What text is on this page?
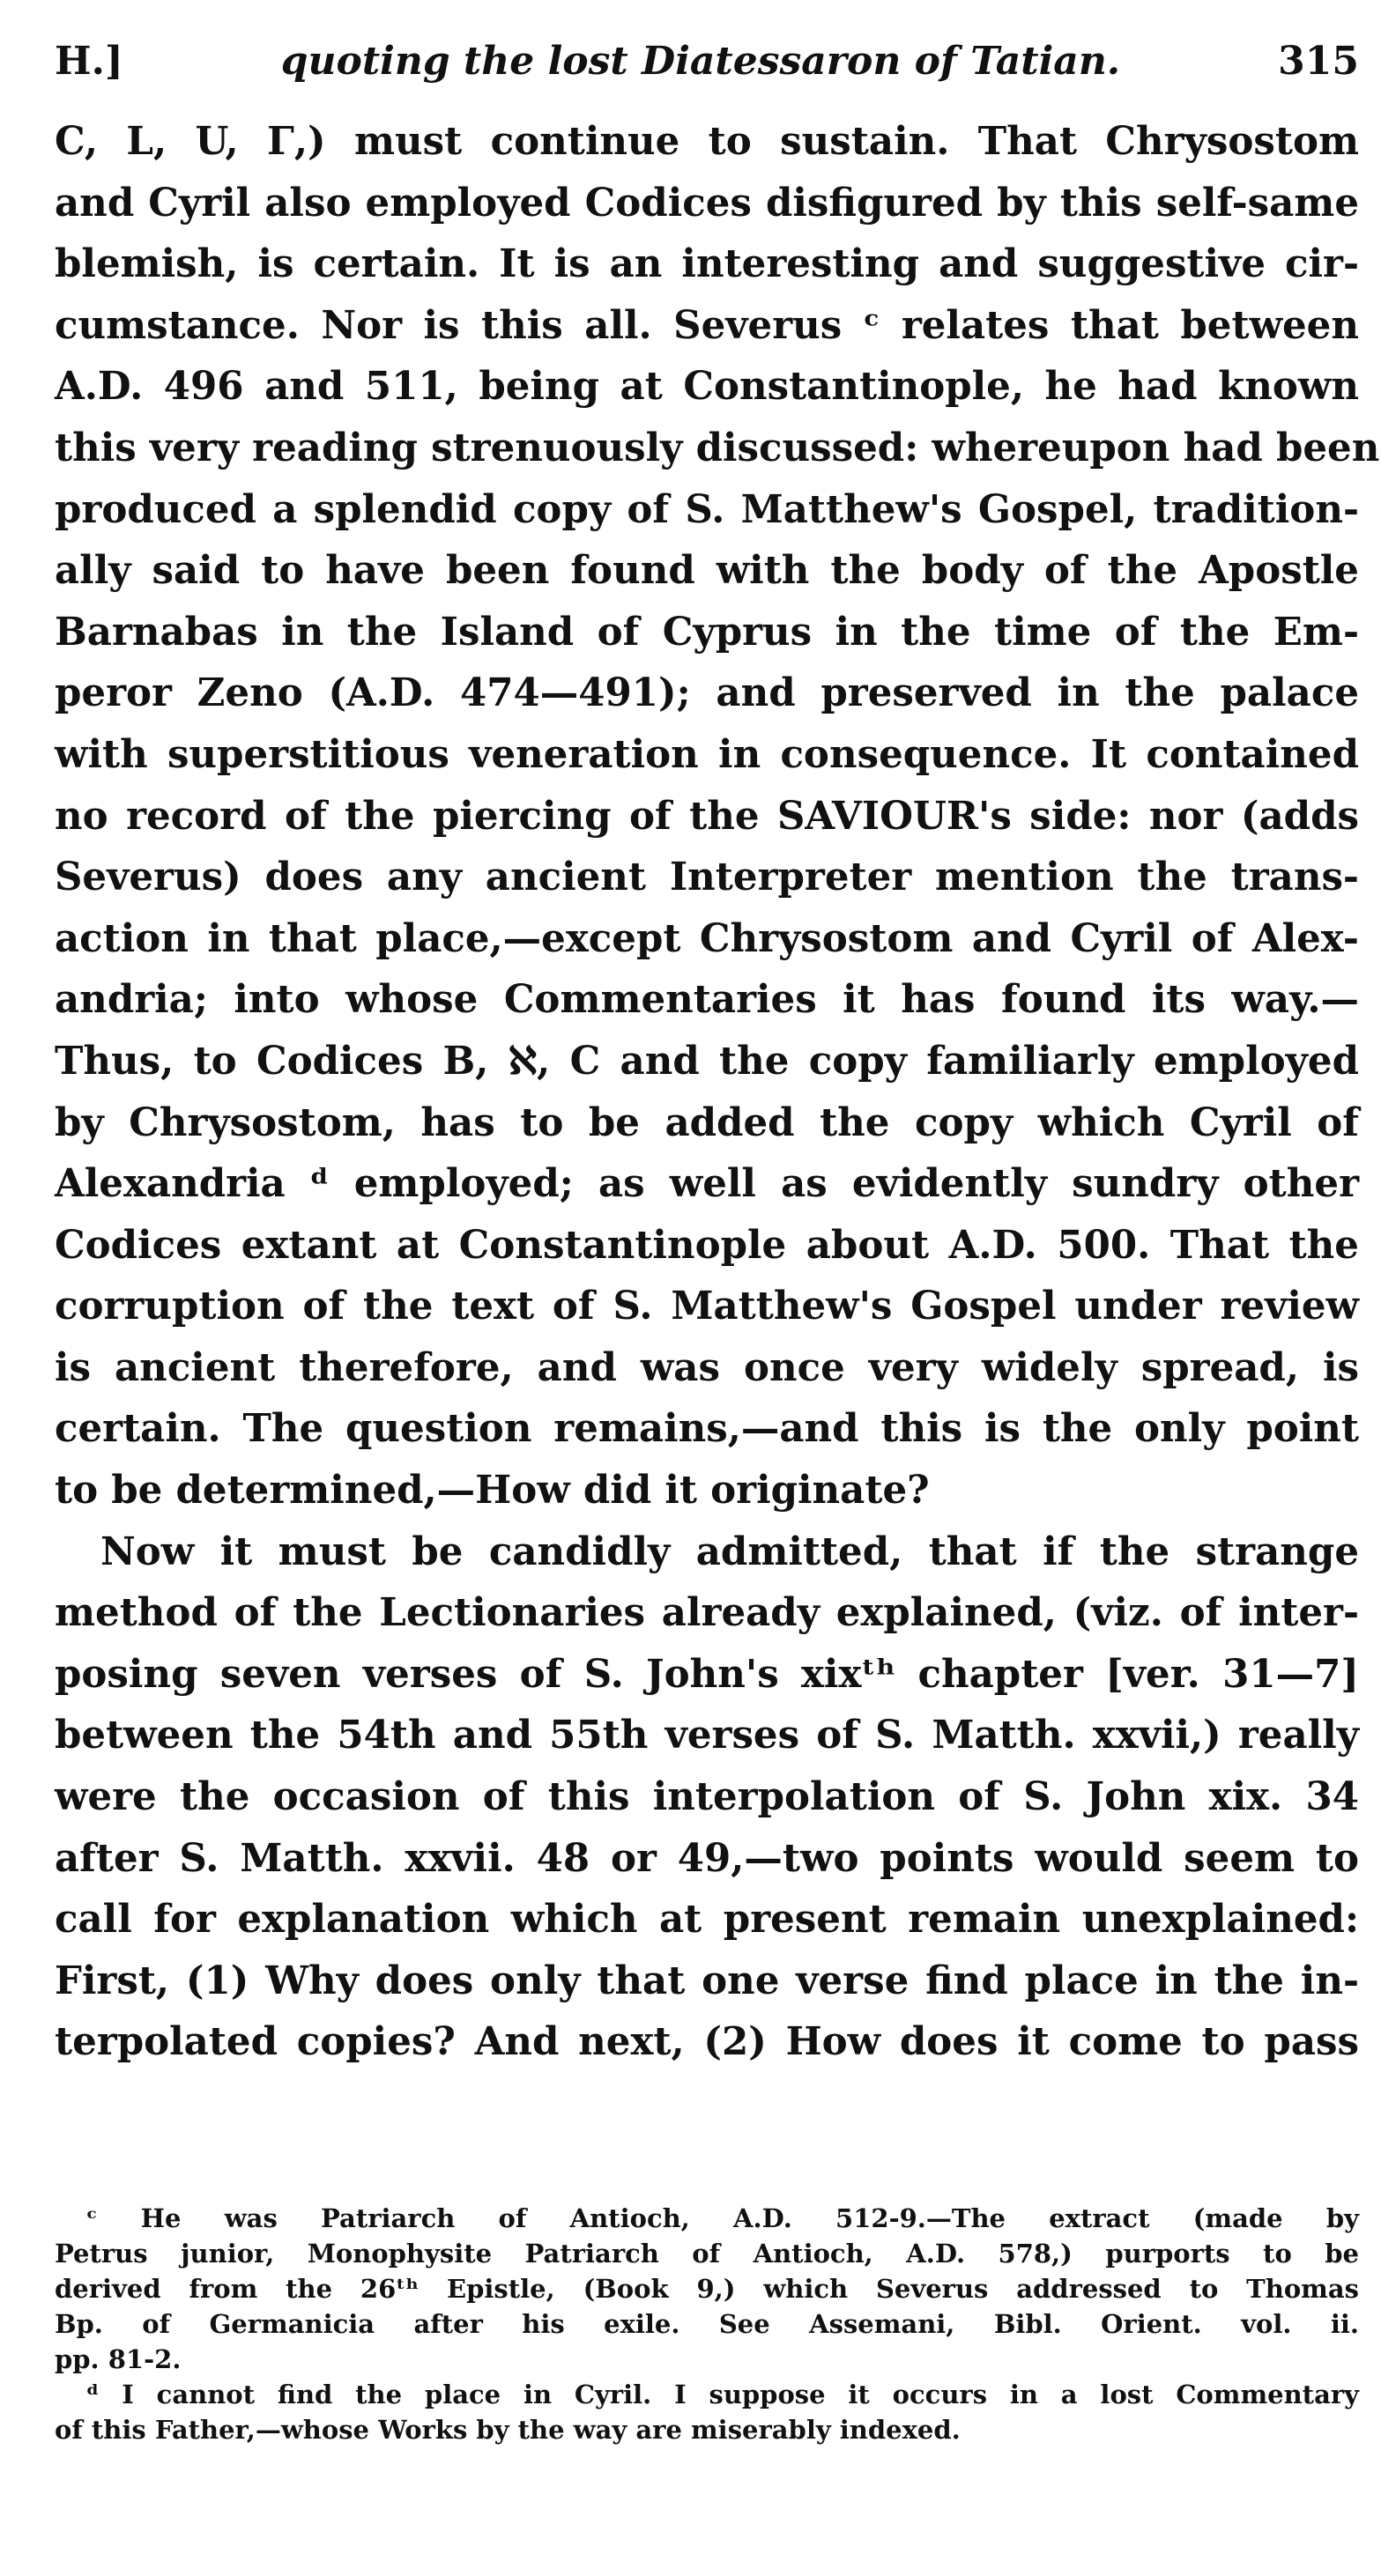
H.]	quoting the lost Diatessaron of Tatian.	315
C, L, U, Γ,) must continue to sustain. That Chrysostom
and Cyril also employed Codices disfigured by this self-same
blemish, is certain. It is an interesting and suggestive cir-
cumstance. Nor is this all. Severus ᶜ relates that between
A.D. 496 and 511, being at Constantinople, he had known
this very reading strenuously discussed: whereupon had been
produced a splendid copy of S. Matthew's Gospel, tradition-
ally said to have been found with the body of the Apostle
Barnabas in the Island of Cyprus in the time of the Em-
peror Zeno (A.D. 474—491); and preserved in the palace
with superstitious veneration in consequence. It contained
no record of the piercing of the SAVIOUR's side: nor (adds
Severus) does any ancient Interpreter mention the trans-
action in that place,—except Chrysostom and Cyril of Alex-
andria; into whose Commentaries it has found its way.—
Thus, to Codices B, ℵ, C and the copy familiarly employed
by Chrysostom, has to be added the copy which Cyril of
Alexandria ᵈ employed; as well as evidently sundry other
Codices extant at Constantinople about A.D. 500. That the
corruption of the text of S. Matthew's Gospel under review
is ancient therefore, and was once very widely spread, is
certain. The question remains,—and this is the only point
to be determined,—How did it originate?
Now it must be candidly admitted, that if the strange
method of the Lectionaries already explained, (viz. of inter-
posing seven verses of S. John's xixᵗʰ chapter [ver. 31—7]
between the 54th and 55th verses of S. Matth. xxvii,) really
were the occasion of this interpolation of S. John xix. 34
after S. Matth. xxvii. 48 or 49,—two points would seem to
call for explanation which at present remain unexplained:
First, (1) Why does only that one verse find place in the in-
terpolated copies? And next, (2) How does it come to pass
ᶜ He was Patriarch of Antioch, A.D. 512-9.—The extract (made by
Petrus junior, Monophysite Patriarch of Antioch, A.D. 578,) purports to be
derived from the 26ᵗʰ Epistle, (Book 9,) which Severus addressed to Thomas
Bp. of Germanicia after his exile. See Assemani, Bibl. Orient. vol. ii.
pp. 81-2.
ᵈ I cannot find the place in Cyril. I suppose it occurs in a lost Commentary
of this Father,—whose Works by the way are miserably indexed.
